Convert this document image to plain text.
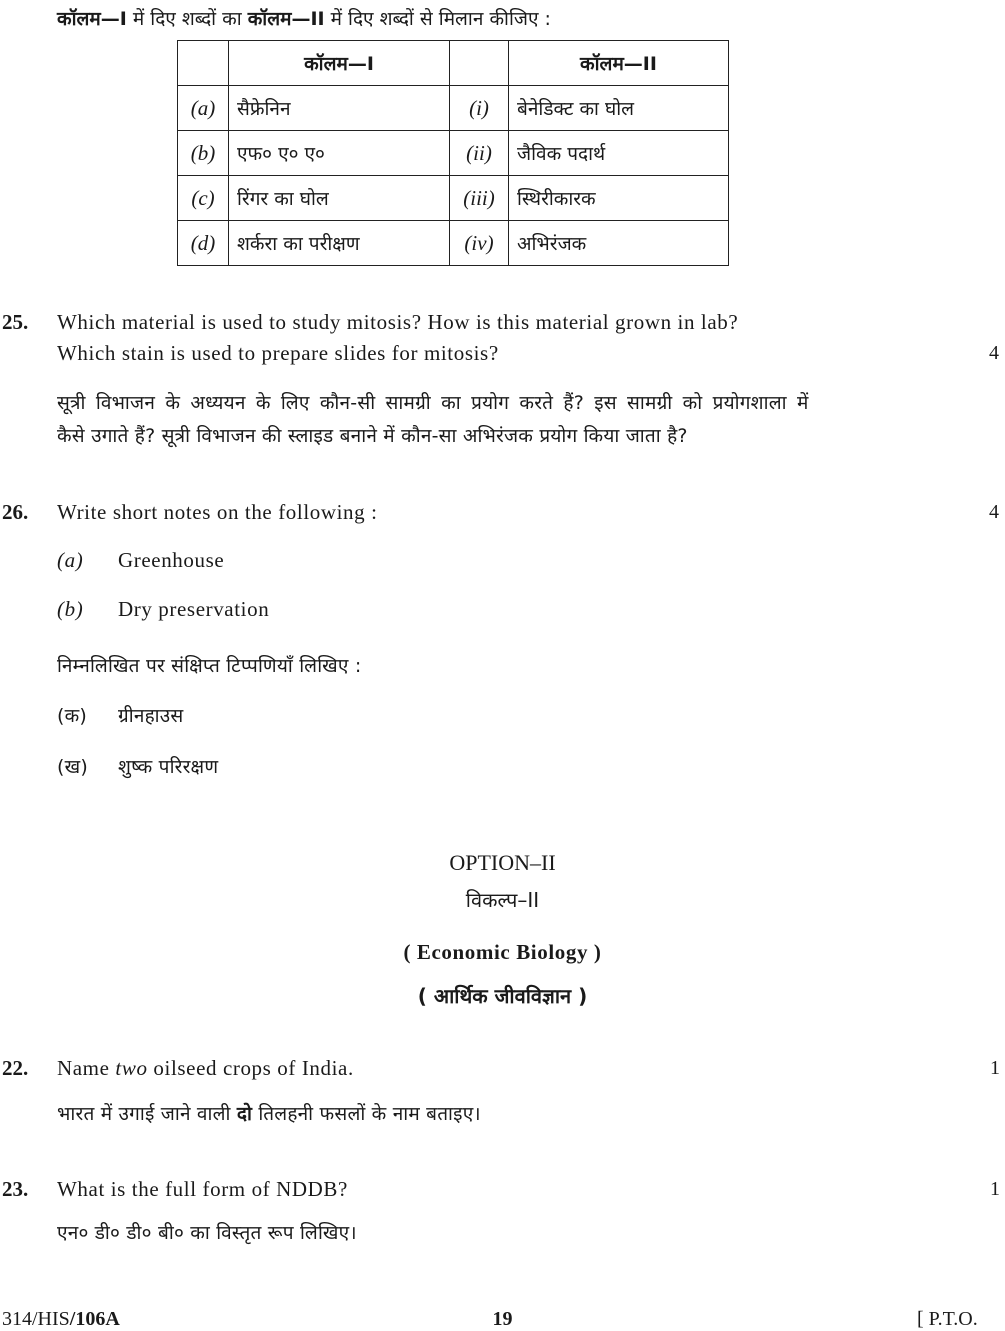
कॉलम—I में दिए शब्दों का कॉलम—II में दिए शब्दों से मिलान कीजिए :
	कॉलम—I		कॉलम—II
(a)	सैफ्रेनिन	(i)	बेनेडिक्ट का घोल
(b)	एफ० ए० ए०	(ii)	जैविक पदार्थ
(c)	रिंगर का घोल	(iii)	स्थिरीकारक
(d)	शर्करा का परीक्षण	(iv)	अभिरंजक
25. Which material is used to study mitosis? How is this material grown in lab?
Which stain is used to prepare slides for mitosis?	4
सूत्री विभाजन के अध्ययन के लिए कौन-सी सामग्री का प्रयोग करते हैं? इस सामग्री को प्रयोगशाला में
कैसे उगाते हैं? सूत्री विभाजन की स्लाइड बनाने में कौन-सा अभिरंजक प्रयोग किया जाता है?
26. Write short notes on the following :	4
(a) Greenhouse
(b) Dry preservation
निम्नलिखित पर संक्षिप्त टिप्पणियाँ लिखिए :
(क) ग्रीनहाउस
(ख) शुष्क परिरक्षण
OPTION–II
विकल्प–II
( Economic Biology )
( आर्थिक जीवविज्ञान )
22. Name two oilseed crops of India.	1
भारत में उगाई जाने वाली दो तिलहनी फसलों के नाम बताइए।
23. What is the full form of NDDB?	1
एन० डी० डी० बी० का विस्तृत रूप लिखिए।
314/HIS/106A	19	[ P.T.O.
